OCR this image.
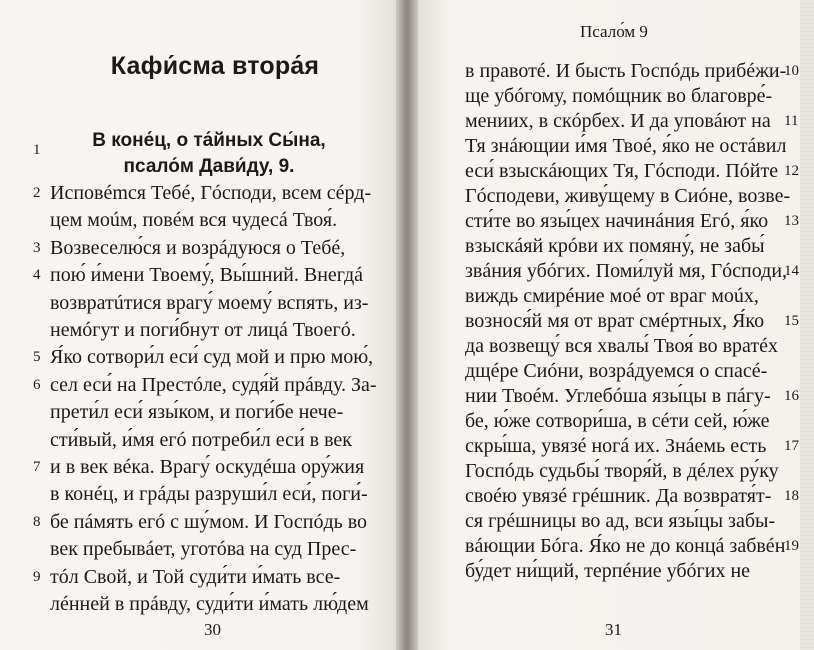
Кафи́сма втора́я
1	В коне́ц, о та́йных Сы́на, псало́м Дави́ду, 9.
Исповémся Тебé, Гóсподи, всем сéрд-
цем моúм, повéм вся чудесá Твоя́.
Возвеселю́ся и возрáдуюся о Тебé,
пою́ и́мени Твоему́, Вы́шний. Внегдá
возвратúтися врагу́ моему́ вспять, из-
немóгут и поги́бнут от лицá Твоегó.
Я́ко сотвори́л еси́ суд мой и прю мою́,
сел еси́ на Престóле, судя́й прáвду. За-
прети́л еси́ язы́ком, и поги́бе нече-
сти́вый, и́мя егó потреби́л еси́ в век
и в век вéка. Врагу́ оскудéша ору́жия
в конéц, и грáды разруши́л еси́, поги́-
бе пáмять егó с шу́мом. И Госпóдь во
век пребывáет, уготóва на суд Прес-
тóл Свой, и Той суди́ти и́мать все-
лéнней в прáвду, суди́ти и́мать лю́дем
2
3
4
5
6
7
8
9
30
Псало́м 9
в правотé. И бысть Госпóдь прибéжи-
ще убóгому, помóщник во благовре́-
мениих, в скóрбех. И да уповáют на
Тя знáющии и́мя Твоé, я́ко не остáвил
еси́ взыскáющих Тя, Гóсподи. Пóйте
Гóсподеви, живу́щему в Сиóне, возве-
сти́те во язы́цех начинáния Егó, я́ко
взыскáяй крóви их помяну́, не забы́
звáния убóгих. Поми́луй мя, Гóсподи,
виждь смирéние моé от враг моúх,
вознося́й мя от врат смéртных, Я́ко
да возвещу́ вся хвалы́ Твоя́ во вратéх
дщéре Сиóни, возрáдуемся о спасé-
нии Твоéм. Углебóша язы́цы в пáгу-
бе, ю́же сотвори́ша, в сéти сей, ю́же
скры́ша, увязé ногá их. Знáемь есть
Госпóдь судьбы́ творя́й, в дéлех ру́ку
своéю увязé грéшник. Да возвратя́т-
ся грéшницы во ад, вси язы́цы забы-
вáющии Бóга. Я́ко не до концá забвéн
бу́дет ни́щий, терпéние убóгих не
10
11
12
13
14
15
16
17
18
19
31
